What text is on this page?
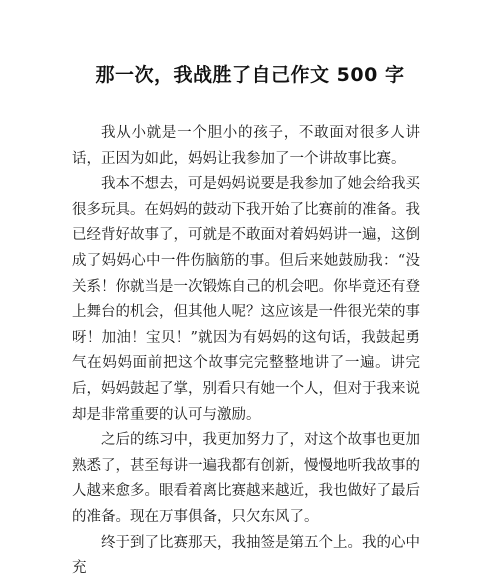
那一次，我战胜了自己作文 500 字

我从小就是一个胆小的孩子，不敢面对很多人讲话，正因为如此，妈妈让我参加了一个讲故事比赛。

我本不想去，可是妈妈说要是我参加了她会给我买很多玩具。在妈妈的鼓动下我开始了比赛前的准备。我已经背好故事了，可就是不敢面对着妈妈讲一遍，这倒成了妈妈心中一件伤脑筋的事。但后来她鼓励我：“没关系！你就当是一次锻炼自己的机会吧。你毕竟还有登上舞台的机会，但其他人呢？这应该是一件很光荣的事呀！加油！宝贝！”就因为有妈妈的这句话，我鼓起勇气在妈妈面前把这个故事完完整整地讲了一遍。讲完后，妈妈鼓起了掌，别看只有她一个人，但对于我来说却是非常重要的认可与激励。

之后的练习中，我更加努力了，对这个故事也更加熟悉了，甚至每讲一遍我都有创新，慢慢地听我故事的人越来愈多。眼看着离比赛越来越近，我也做好了最后的准备。现在万事俱备，只欠东风了。

终于到了比赛那天，我抽签是第五个上。我的心中充
